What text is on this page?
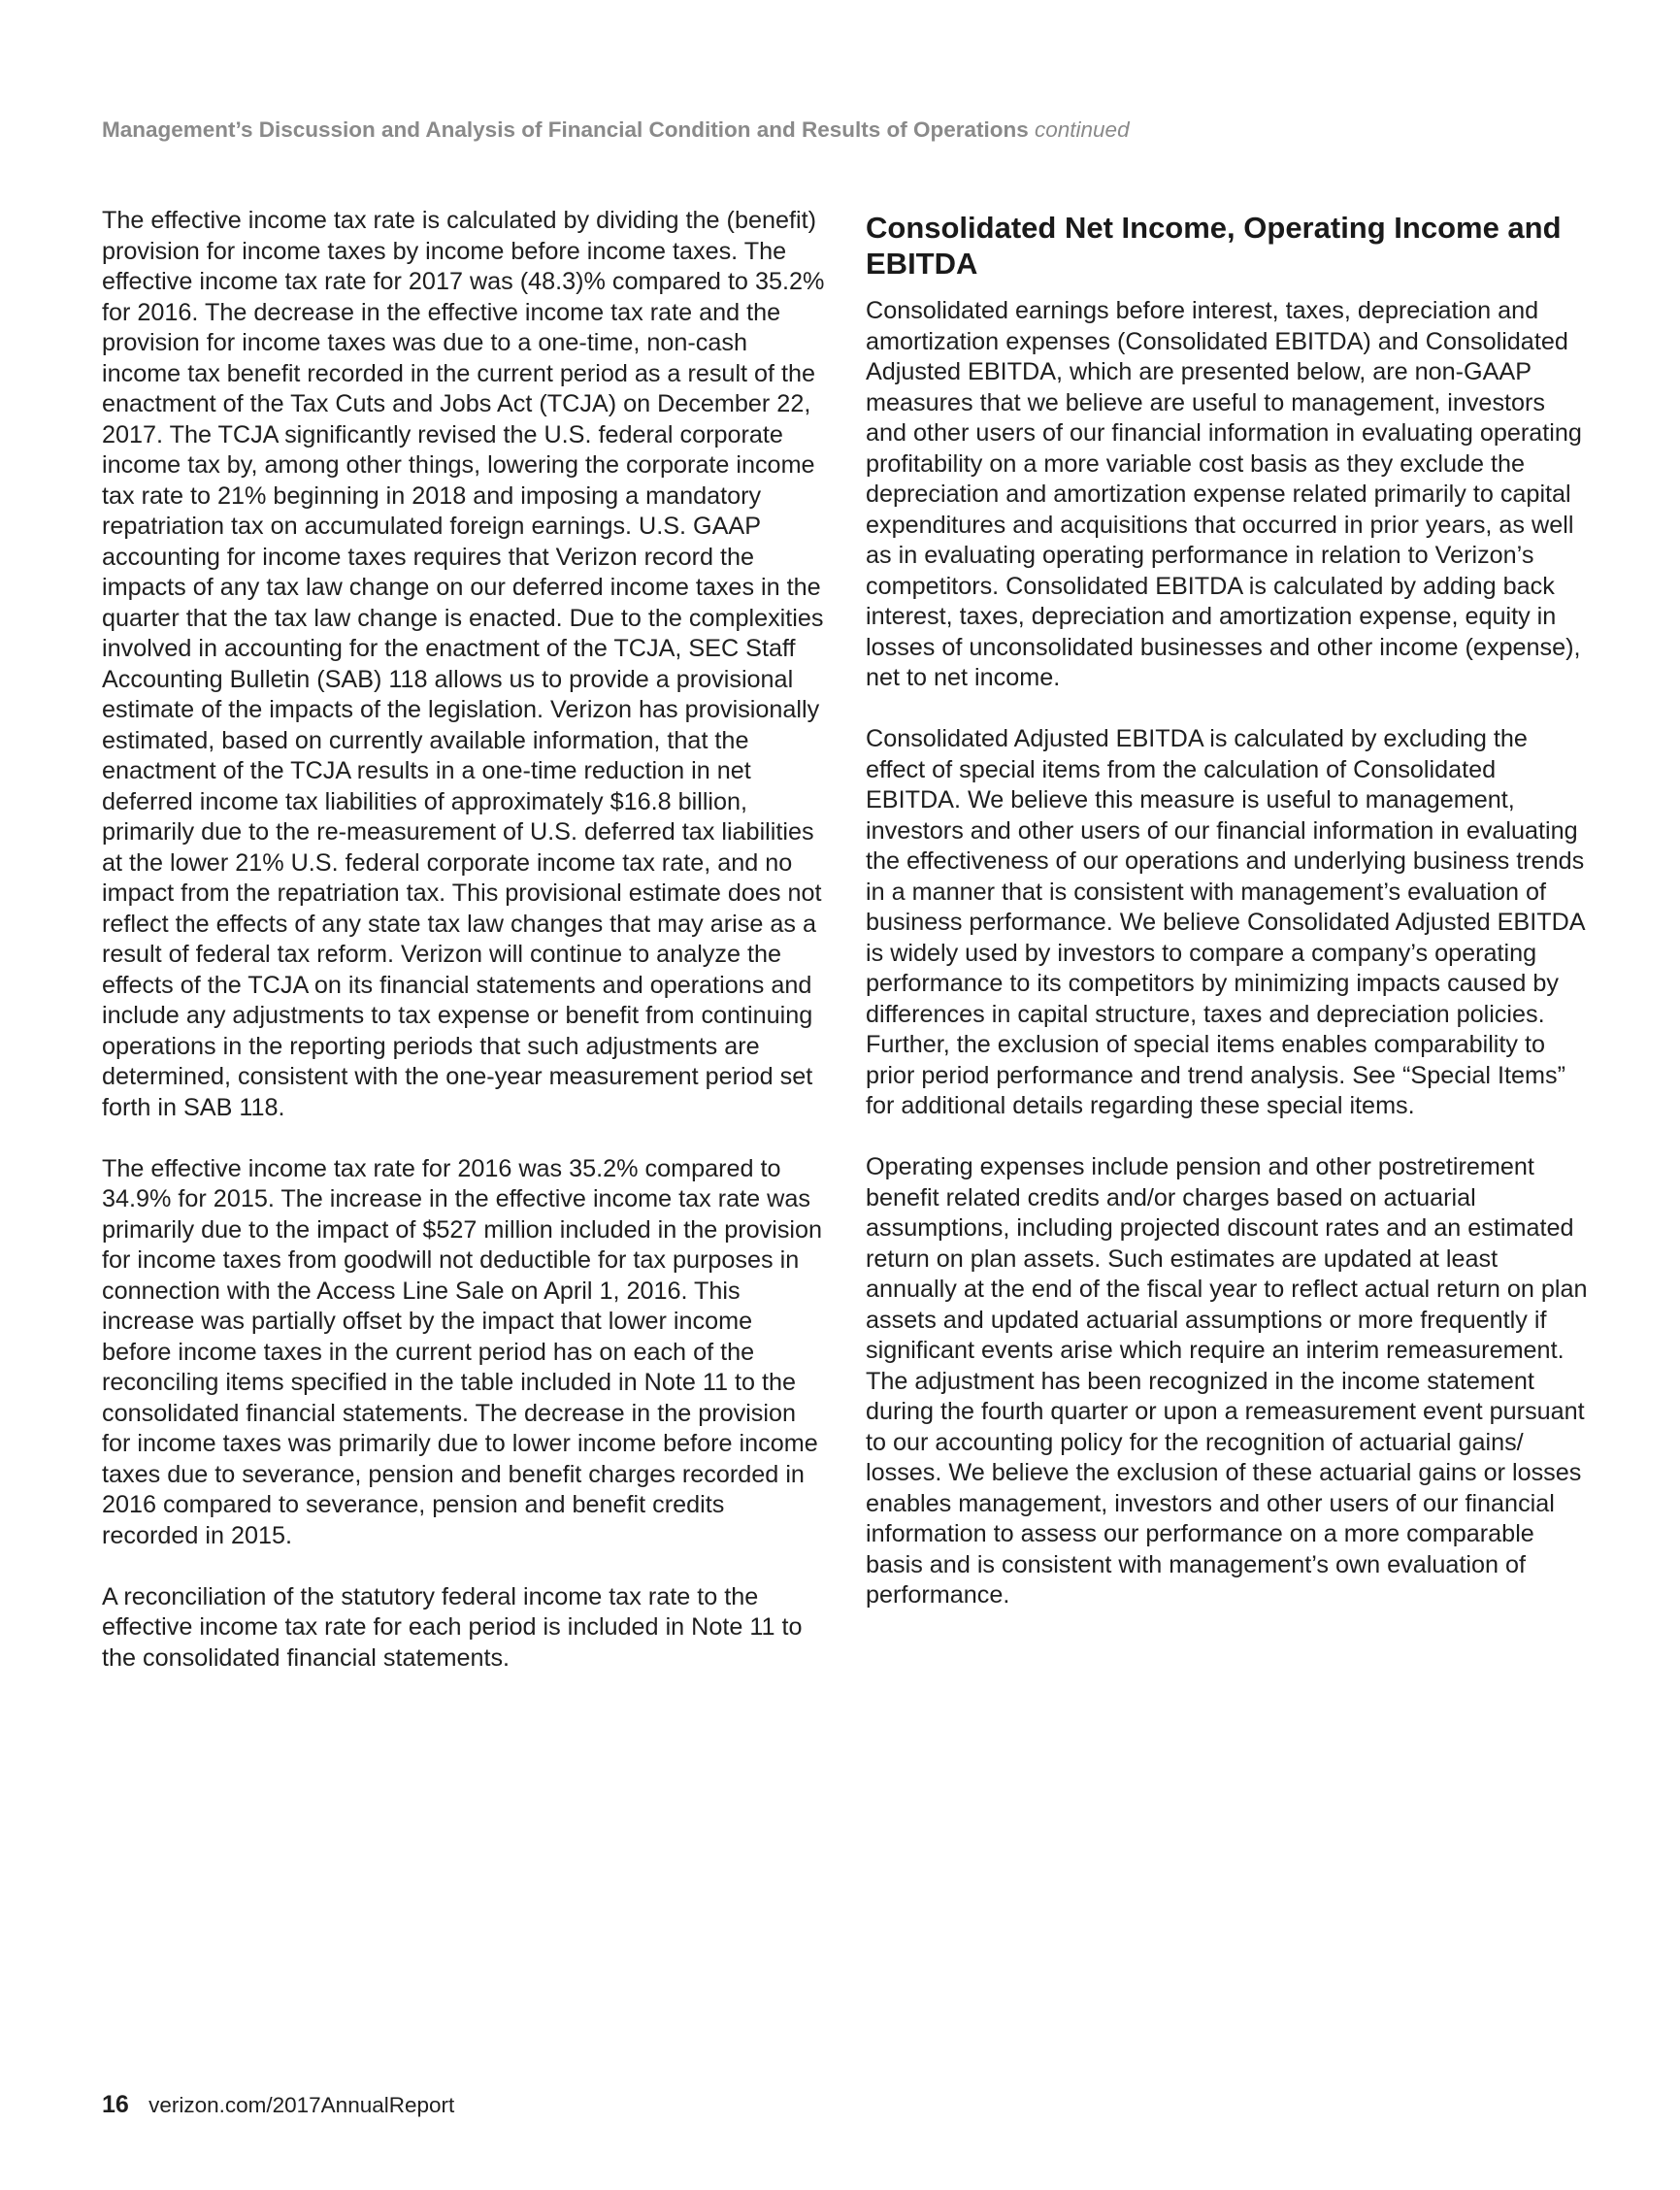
Management’s Discussion and Analysis of Financial Condition and Results of Operations continued

The effective income tax rate is calculated by dividing the (benefit) provision for income taxes by income before income taxes. The effective income tax rate for 2017 was (48.3)% compared to 35.2% for 2016. The decrease in the effective income tax rate and the provision for income taxes was due to a one-time, non-cash income tax benefit recorded in the current period as a result of the enactment of the Tax Cuts and Jobs Act (TCJA) on December 22, 2017. The TCJA significantly revised the U.S. federal corporate income tax by, among other things, lowering the corporate income tax rate to 21% beginning in 2018 and imposing a mandatory repatriation tax on accumulated foreign earnings. U.S. GAAP accounting for income taxes requires that Verizon record the impacts of any tax law change on our deferred income taxes in the quarter that the tax law change is enacted. Due to the complexities involved in accounting for the enactment of the TCJA, SEC Staff Accounting Bulletin (SAB) 118 allows us to provide a provisional estimate of the impacts of the legislation. Verizon has provisionally estimated, based on currently available information, that the enactment of the TCJA results in a one-time reduction in net deferred income tax liabilities of approximately $16.8 billion, primarily due to the re-measurement of U.S. deferred tax liabilities at the lower 21% U.S. federal corporate income tax rate, and no impact from the repatriation tax. This provisional estimate does not reflect the effects of any state tax law changes that may arise as a result of federal tax reform. Verizon will continue to analyze the effects of the TCJA on its financial statements and operations and include any adjustments to tax expense or benefit from continuing operations in the reporting periods that such adjustments are determined, consistent with the one-year measurement period set forth in SAB 118.

The effective income tax rate for 2016 was 35.2% compared to 34.9% for 2015. The increase in the effective income tax rate was primarily due to the impact of $527 million included in the provision for income taxes from goodwill not deductible for tax purposes in connection with the Access Line Sale on April 1, 2016. This increase was partially offset by the impact that lower income before income taxes in the current period has on each of the reconciling items specified in the table included in Note 11 to the consolidated financial statements. The decrease in the provision for income taxes was primarily due to lower income before income taxes due to severance, pension and benefit charges recorded in 2016 compared to severance, pension and benefit credits recorded in 2015.

A reconciliation of the statutory federal income tax rate to the effective income tax rate for each period is included in Note 11 to the consolidated financial statements.

Consolidated Net Income, Operating Income and EBITDA

Consolidated earnings before interest, taxes, depreciation and amortization expenses (Consolidated EBITDA) and Consolidated Adjusted EBITDA, which are presented below, are non-GAAP measures that we believe are useful to management, investors and other users of our financial information in evaluating operating profitability on a more variable cost basis as they exclude the depreciation and amortization expense related primarily to capital expenditures and acquisitions that occurred in prior years, as well as in evaluating operating performance in relation to Verizon’s competitors. Consolidated EBITDA is calculated by adding back interest, taxes, depreciation and amortization expense, equity in losses of unconsolidated businesses and other income (expense), net to net income.

Consolidated Adjusted EBITDA is calculated by excluding the effect of special items from the calculation of Consolidated EBITDA. We believe this measure is useful to management, investors and other users of our financial information in evaluating the effectiveness of our operations and underlying business trends in a manner that is consistent with management’s evaluation of business performance. We believe Consolidated Adjusted EBITDA is widely used by investors to compare a company’s operating performance to its competitors by minimizing impacts caused by differences in capital structure, taxes and depreciation policies. Further, the exclusion of special items enables comparability to prior period performance and trend analysis. See “Special Items” for additional details regarding these special items.

Operating expenses include pension and other postretirement benefit related credits and/or charges based on actuarial assumptions, including projected discount rates and an estimated return on plan assets. Such estimates are updated at least annually at the end of the fiscal year to reflect actual return on plan assets and updated actuarial assumptions or more frequently if significant events arise which require an interim remeasurement. The adjustment has been recognized in the income statement during the fourth quarter or upon a remeasurement event pursuant to our accounting policy for the recognition of actuarial gains/ losses. We believe the exclusion of these actuarial gains or losses enables management, investors and other users of our financial information to assess our performance on a more comparable basis and is consistent with management’s own evaluation of performance.

16 verizon.com/2017AnnualReport
